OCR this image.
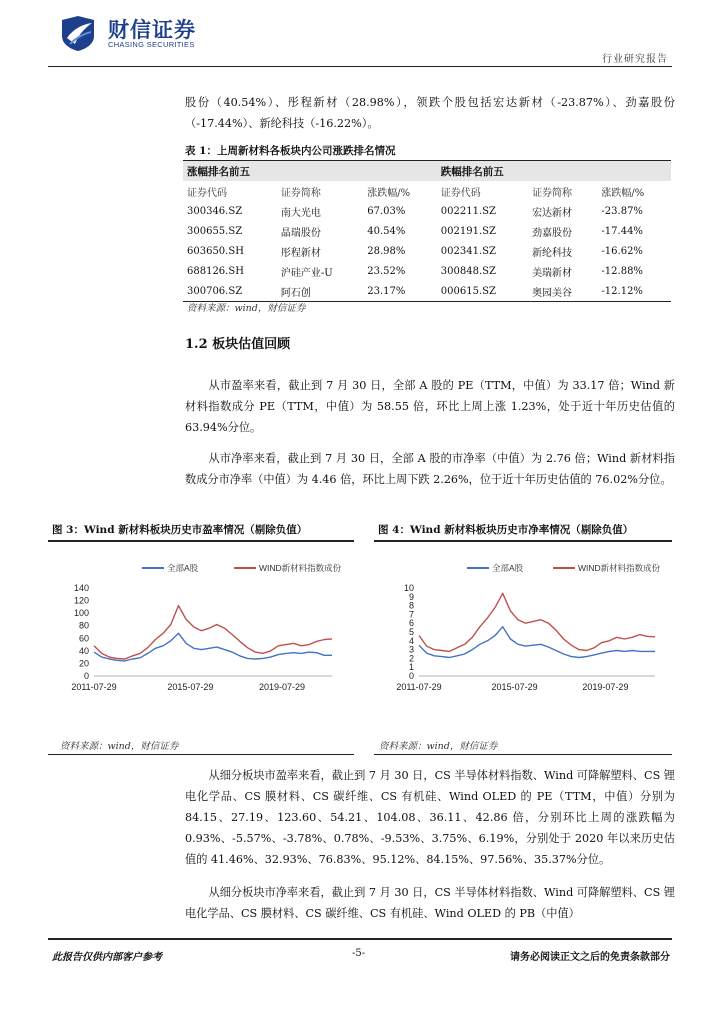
财信证券
CHASING SECURITIES
行业研究报告

股份（40.54%）、彤程新材（28.98%），领跌个股包括宏达新材（-23.87%）、劲嘉股份（-17.44%）、新纶科技（-16.22%）。

表 1：上周新材料各板块内公司涨跌排名情况
涨幅排名前五			跌幅排名前五		
证券代码	证券简称	涨跌幅/%	证券代码	证券简称	涨跌幅/%
300346.SZ	南大光电	67.03%	002211.SZ	宏达新材	-23.87%
300655.SZ	晶瑞股份	40.54%	002191.SZ	劲嘉股份	-17.44%
603650.SH	彤程新材	28.98%	002341.SZ	新纶科技	-16.62%
688126.SH	沪硅产业-U	23.52%	300848.SZ	美瑞新材	-12.88%
300706.SZ	阿石创	23.17%	000615.SZ	奥园美谷	-12.12%
资料来源：wind，财信证券
1.2 板块估值回顾

从市盈率来看，截止到 7 月 30 日，全部 A 股的 PE（TTM，中值）为 33.17 倍；Wind 新材料指数成分 PE（TTM，中值）为 58.55 倍，环比上周上涨 1.23%，处于近十年历史估值的 63.94%分位。

从市净率来看，截止到 7 月 30 日，全部 A 股的市净率（中值）为 2.76 倍；Wind 新材料指数成分市净率（中值）为 4.46 倍，环比上周下跌 2.26%，位于近十年历史估值的 76.02%分位。

图 3：Wind 新材料板块历史市盈率情况（剔除负值）	图 4：Wind 新材料板块历史市净率情况（剔除负值）
全部A股	WIND新材料指数成份
0
20
40
60
80
100
120
140
2011-07-29	2015-07-29	2019-07-29
全部A股	WIND新材料指数成份
0
1
2
3
4
5
6
7
8
9
10
2011-07-29	2015-07-29	2019-07-29
资料来源：wind，财信证券	资料来源：wind，财信证券

从细分板块市盈率来看，截止到 7 月 30 日，CS 半导体材料指数、Wind 可降解塑料、CS 锂电化学品、CS 膜材料、CS 碳纤维、CS 有机硅、Wind OLED 的 PE（TTM，中值）分别为 84.15、27.19、123.60、54.21、104.08、36.11、42.86 倍，分别环比上周的涨跌幅为 0.93%、-5.57%、-3.78%、0.78%、-9.53%、3.75%、6.19%，分别处于 2020 年以来历史估值的 41.46%、32.93%、76.83%、95.12%、84.15%、97.56%、35.37%分位。

从细分板块市净率来看，截止到 7 月 30 日，CS 半导体材料指数、Wind 可降解塑料、CS 锂电化学品、CS 膜材料、CS 碳纤维、CS 有机硅、Wind OLED 的 PB（中值）

此报告仅供内部客户参考	-5-	请务必阅读正文之后的免责条款部分
